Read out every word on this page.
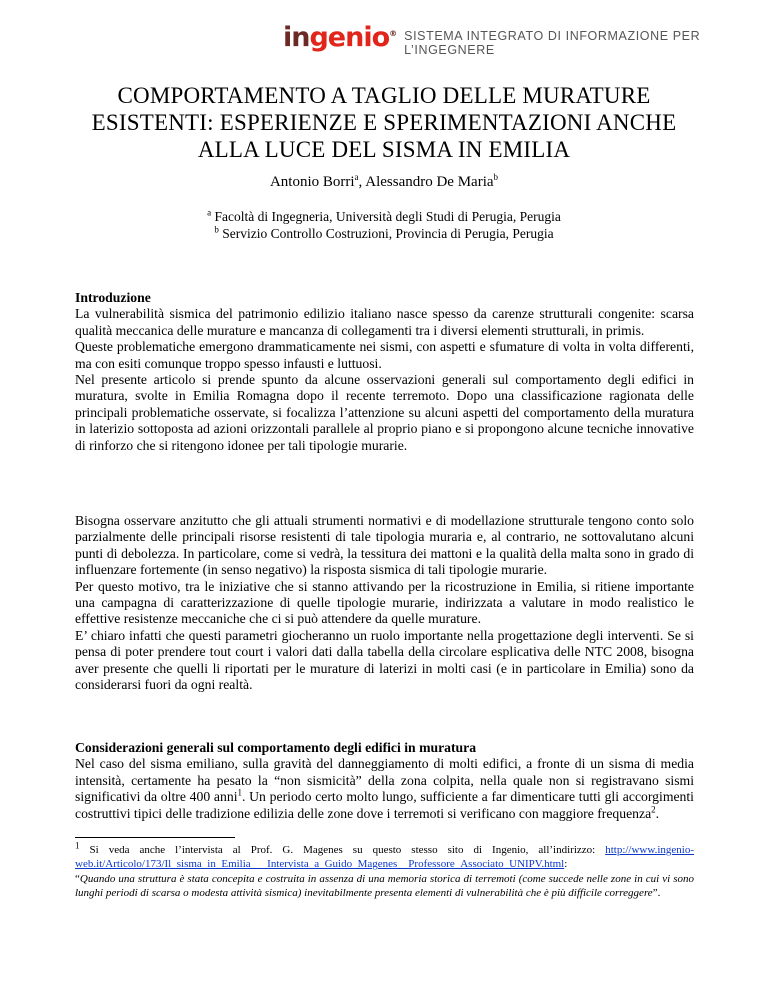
ingenio® SISTEMA INTEGRATO DI INFORMAZIONE PER L’INGEGNERE
COMPORTAMENTO A TAGLIO DELLE MURATURE
ESISTENTI: ESPERIENZE E SPERIMENTAZIONI ANCHE
ALLA LUCE DEL SISMA IN EMILIA
Antonio Borri$^a$, Alessandro De Maria$^b$
$^a$ Facoltà di Ingegneria, Università degli Studi di Perugia, Perugia
$^b$ Servizio Controllo Costruzioni, Provincia di Perugia, Perugia
Introduzione

La vulnerabilità sismica del patrimonio edilizio italiano nasce spesso da carenze strutturali congenite: scarsa qualità meccanica delle murature e mancanza di collegamenti tra i diversi elementi strutturali, in primis.

Queste problematiche emergono drammaticamente nei sismi, con aspetti e sfumature di volta in volta differenti, ma con esiti comunque troppo spesso infausti e luttuosi.

Nel presente articolo si prende spunto da alcune osservazioni generali sul comportamento degli edifici in muratura, svolte in Emilia Romagna dopo il recente terremoto. Dopo una classificazione ragionata delle principali problematiche osservate, si focalizza l’attenzione su alcuni aspetti del comportamento della muratura in laterizio sottoposta ad azioni orizzontali parallele al proprio piano e si propongono alcune tecniche innovative di rinforzo che si ritengono idonee per tali tipologie murarie.

Bisogna osservare anzitutto che gli attuali strumenti normativi e di modellazione strutturale tengono conto solo parzialmente delle principali risorse resistenti di tale tipologia muraria e, al contrario, ne sottovalutano alcuni punti di debolezza. In particolare, come si vedrà, la tessitura dei mattoni e la qualità della malta sono in grado di influenzare fortemente (in senso negativo) la risposta sismica di tali tipologie murarie.

Per questo motivo, tra le iniziative che si stanno attivando per la ricostruzione in Emilia, si ritiene importante una campagna di caratterizzazione di quelle tipologie murarie, indirizzata a valutare in modo realistico le effettive resistenze meccaniche che ci si può attendere da quelle murature.

E’ chiaro infatti che questi parametri giocheranno un ruolo importante nella progettazione degli interventi. Se si pensa di poter prendere tout court i valori dati dalla tabella della circolare esplicativa delle NTC 2008, bisogna aver presente che quelli li riportati per le murature di laterizi in molti casi (e in particolare in Emilia) sono da considerarsi fuori da ogni realtà.

Considerazioni generali sul comportamento degli edifici in muratura

Nel caso del sisma emiliano, sulla gravità del danneggiamento di molti edifici, a fronte di un sisma di media intensità, certamente ha pesato la “non sismicità” della zona colpita, nella quale non si registravano sismi significativi da oltre 400 anni$^1$. Un periodo certo molto lungo, sufficiente a far dimenticare tutti gli accorgimenti costruttivi tipici delle tradizione edilizia delle zone dove i terremoti si verificano con maggiore frequenza$^2$.

$^1$ Si veda anche l’intervista al Prof. G. Magenes su questo stesso sito di Ingenio, all’indirizzo: http://www.ingenio-web.it/Articolo/173/Il_sisma_in_Emilia___Intervista_a_Guido_Magenes__Professore_Associato_UNIPV.html:
“Quando una struttura è stata concepita e costruita in assenza di una memoria storica di terremoti (come succede nelle zone in cui vi sono lunghi periodi di scarsa o modesta attività sismica) inevitabilmente presenta elementi di vulnerabilità che è più difficile correggere”.
